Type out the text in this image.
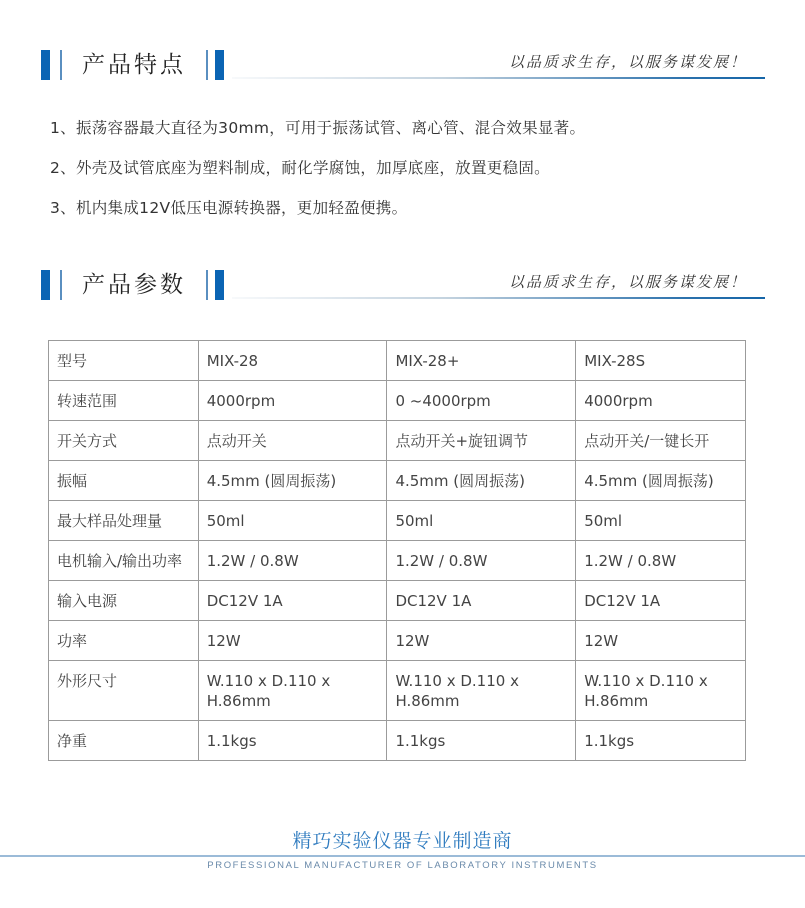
产品特点	以品质求生存，以服务谋发展！
1、振荡容器最大直径为30mm，可用于振荡试管、离心管、混合效果显著。
2、外壳及试管底座为塑料制成，耐化学腐蚀，加厚底座，放置更稳固。
3、机内集成12V低压电源转换器，更加轻盈便携。
产品参数	以品质求生存，以服务谋发展！
型号	MIX-28	MIX-28+	MIX-28S
转速范围	4000rpm	0 ~4000rpm	4000rpm
开关方式	点动开关	点动开关+旋钮调节	点动开关/一键长开
振幅	4.5mm (圆周振荡)	4.5mm (圆周振荡)	4.5mm (圆周振荡)
最大样品处理量	50ml	50ml	50ml
电机输入/输出功率	1.2W / 0.8W	1.2W / 0.8W	1.2W / 0.8W
输入电源	DC12V 1A	DC12V 1A	DC12V 1A
功率	12W	12W	12W
外形尺寸	W.110 x D.110 x H.86mm	W.110 x D.110 x H.86mm	W.110 x D.110 x H.86mm
净重	1.1kgs	1.1kgs	1.1kgs
精巧实验仪器专业制造商
PROFESSIONAL MANUFACTURER OF LABORATORY INSTRUMENTS
